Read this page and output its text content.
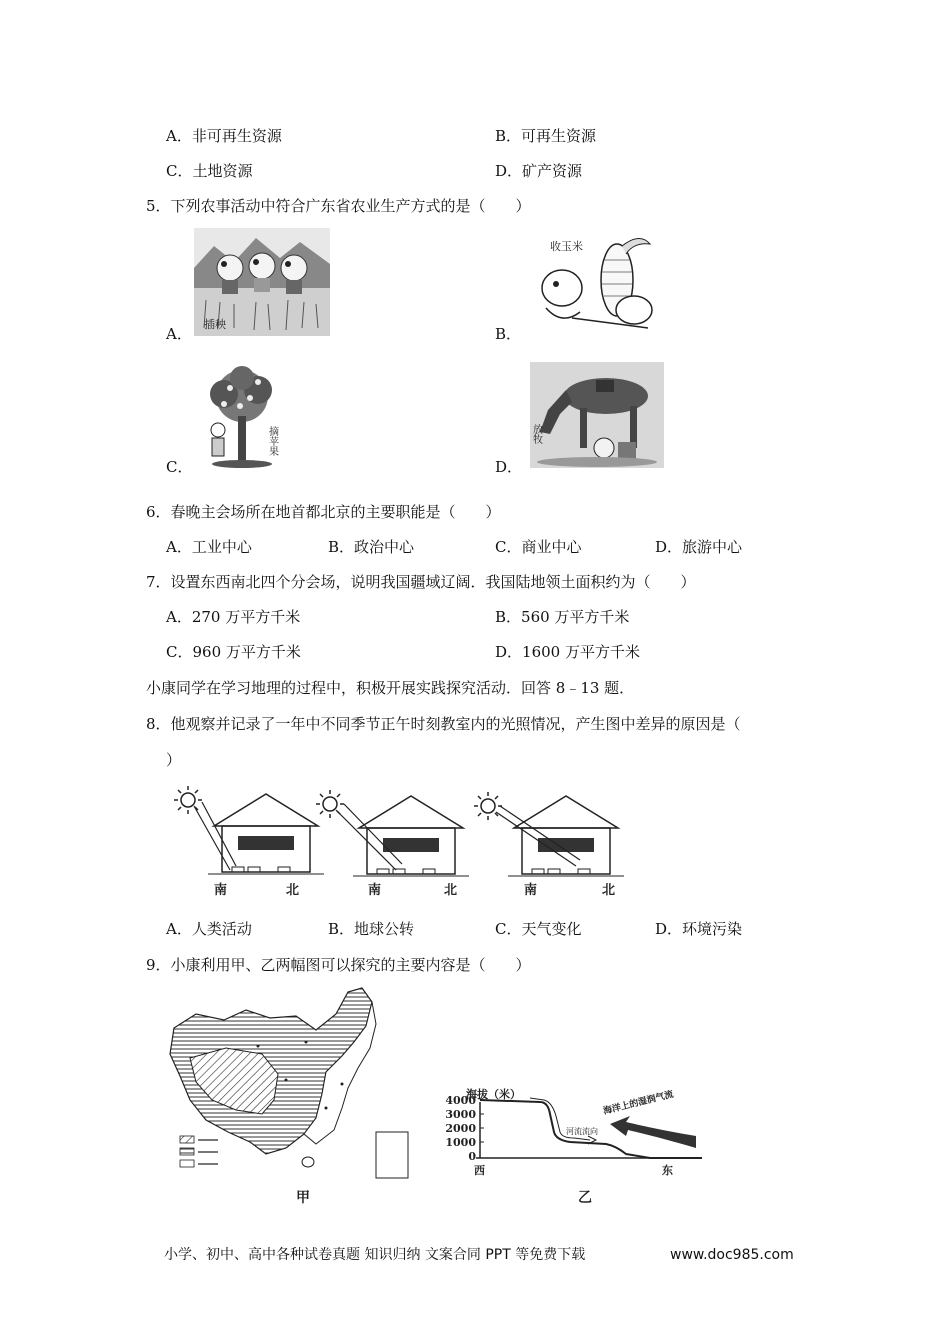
A．非可再生资源	B．可再生资源
C．土地资源	D．矿产资源
5．下列农事活动中符合广东省农业生产方式的是（　　）
A．	B．
C．	D．
插秧
收玉米
摘苹果	放牧
6．春晚主会场所在地首都北京的主要职能是（　　）
A．工业中心	B．政治中心	C．商业中心	D．旅游中心
7．设置东西南北四个分会场，说明我国疆域辽阔．我国陆地领土面积约为（　　）
A．270 万平方千米	B．560 万平方千米
C．960 万平方千米	D．1600 万平方千米
小康同学在学习地理的过程中，积极开展实践探究活动．回答 8﹣13 题．
8．他观察并记录了一年中不同季节正午时刻教室内的光照情况，产生图中差异的原因是（
）
南	北	南	北	南	北
A．人类活动	B．地球公转	C．天气变化	D．环境污染
9．小康利用甲、乙两幅图可以探究的主要内容是（　　）
甲
海拔（米）
4000
3000
2000
1000
0
河流流向
海洋上的湿润气流
西	东
乙
小学、初中、高中各种试卷真题 知识归纳 文案合同 PPT 等免费下载	www.doc985.com
